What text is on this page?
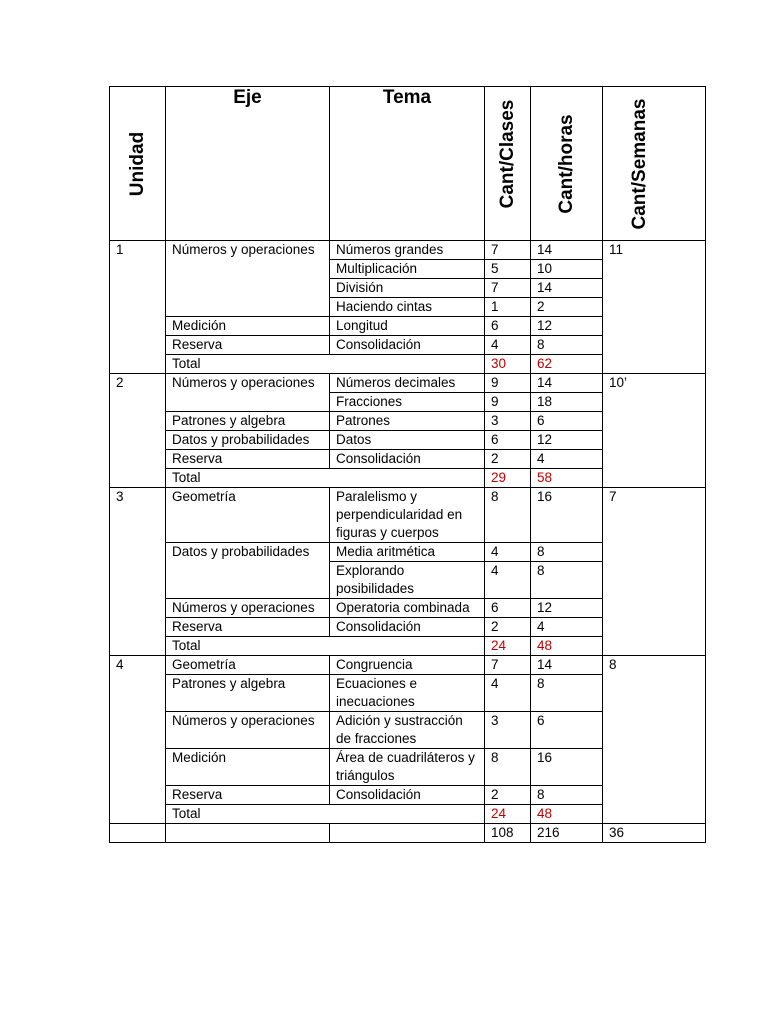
Unidad	Eje	Tema	Cant/Clases	Cant/horas	Cant/Semanas

1	Números y operaciones	Números grandes	7	14	11
		Multiplicación	5	10	
		División	7	14	
		Haciendo cintas	1	2	
	Medición	Longitud	6	12	
	Reserva	Consolidación	4	8	
	Total		30	62	
2	Números y operaciones	Números decimales	9	14	10’
		Fracciones	9	18	
	Patrones y algebra	Patrones	3	6	
	Datos y probabilidades	Datos	6	12	
	Reserva	Consolidación	2	4	
	Total		29	58	
3	Geometría	Paralelismo y perpendicularidad en figuras y cuerpos	8	16	7
	Datos y probabilidades	Media aritmética	4	8	
		Explorando posibilidades	4	8	
	Números y operaciones	Operatoria combinada	6	12	
	Reserva	Consolidación	2	4	
	Total		24	48	
4	Geometría	Congruencia	7	14	8
	Patrones y algebra	Ecuaciones e inecuaciones	4	8	
	Números y operaciones	Adición y sustracción de fracciones	3	6	
	Medición	Área de cuadriláteros y triángulos	8	16	
	Reserva	Consolidación	2	8	
	Total		24	48	
			108	216	36
